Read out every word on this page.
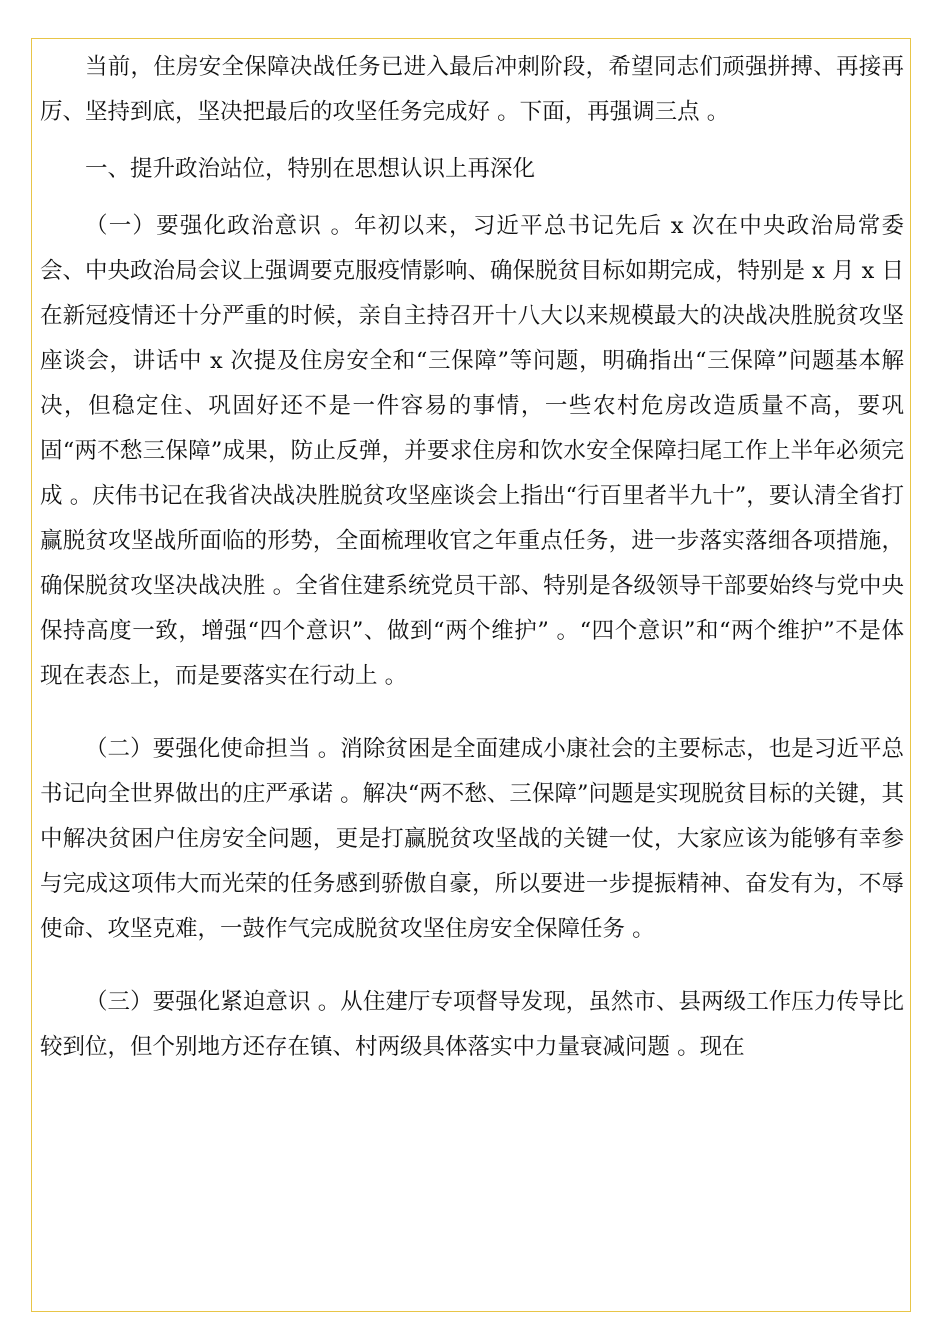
当前，住房安全保障决战任务已进入最后冲刺阶段，希望同志们顽强拼搏、再接再厉、坚持到底，坚决把最后的攻坚任务完成好 。下面，再强调三点 。

一、提升政治站位，特别在思想认识上再深化

（一）要强化政治意识 。年初以来，习近平总书记先后 x 次在中央政治局常委会、中央政治局会议上强调要克服疫情影响、确保脱贫目标如期完成，特别是 x 月 x 日在新冠疫情还十分严重的时候，亲自主持召开十八大以来规模最大的决战决胜脱贫攻坚座谈会，讲话中 x 次提及住房安全和“三保障”等问题，明确指出“三保障”问题基本解决，但稳定住、巩固好还不是一件容易的事情，一些农村危房改造质量不高，要巩固“两不愁三保障”成果，防止反弹，并要求住房和饮水安全保障扫尾工作上半年必须完成 。庆伟书记在我省决战决胜脱贫攻坚座谈会上指出“行百里者半九十”，要认清全省打赢脱贫攻坚战所面临的形势，全面梳理收官之年重点任务，进一步落实落细各项措施，确保脱贫攻坚决战决胜 。全省住建系统党员干部、特别是各级领导干部要始终与党中央保持高度一致，增强“四个意识”、做到“两个维护” 。“四个意识”和“两个维护”不是体现在表态上，而是要落实在行动上 。

（二）要强化使命担当 。消除贫困是全面建成小康社会的主要标志，也是习近平总书记向全世界做出的庄严承诺 。解决“两不愁、三保障”问题是实现脱贫目标的关键，其中解决贫困户住房安全问题，更是打赢脱贫攻坚战的关键一仗，大家应该为能够有幸参与完成这项伟大而光荣的任务感到骄傲自豪，所以要进一步提振精神、奋发有为，不辱使命、攻坚克难，一鼓作气完成脱贫攻坚住房安全保障任务 。

（三）要强化紧迫意识 。从住建厅专项督导发现，虽然市、县两级工作压力传导比较到位，但个别地方还存在镇、村两级具体落实中力量衰减问题 。现在
